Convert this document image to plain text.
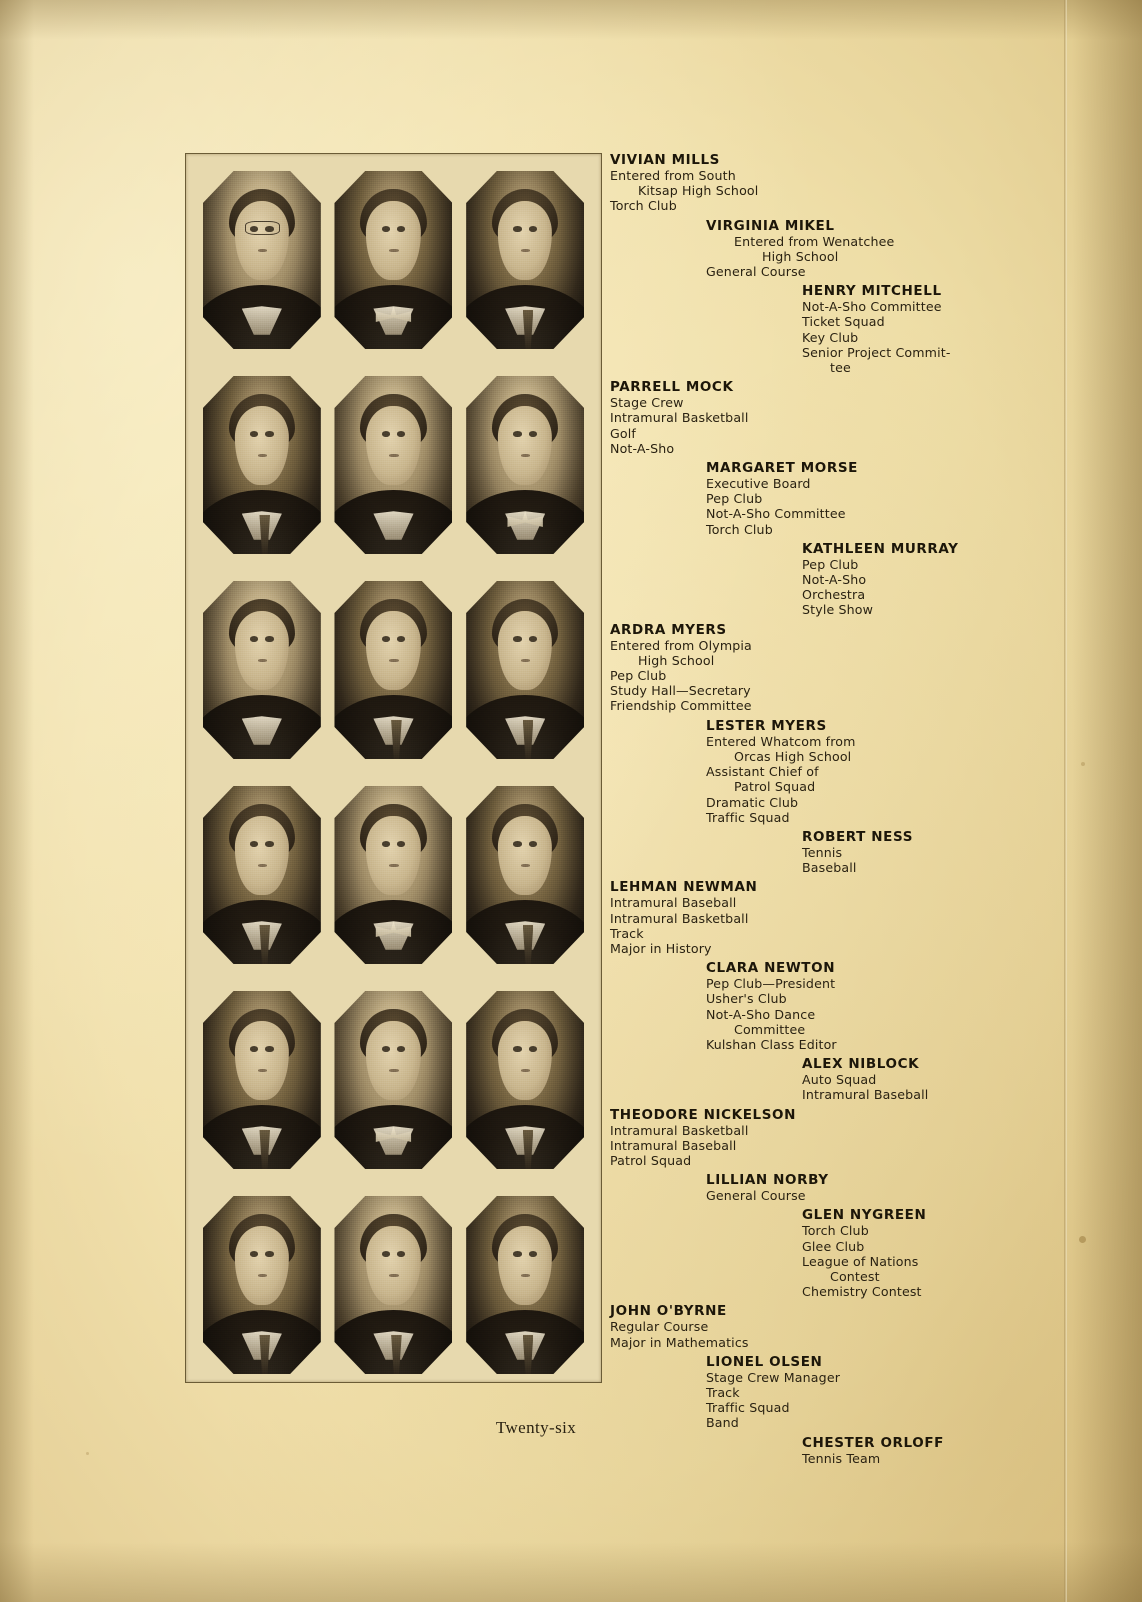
VIVIAN MILLS
Entered from South
Kitsap High School
Torch Club
VIRGINIA MIKEL
Entered from Wenatchee
High School
General Course
HENRY MITCHELL
Not-A-Sho Committee
Ticket Squad
Key Club
Senior Project Commit-
tee
PARRELL MOCK
Stage Crew
Intramural Basketball
Golf
Not-A-Sho
MARGARET MORSE
Executive Board
Pep Club
Not-A-Sho Committee
Torch Club
KATHLEEN MURRAY
Pep Club
Not-A-Sho
Orchestra
Style Show
ARDRA MYERS
Entered from Olympia
High School
Pep Club
Study Hall—Secretary
Friendship Committee
LESTER MYERS
Entered Whatcom from
Orcas High School
Assistant Chief of
Patrol Squad
Dramatic Club
Traffic Squad
ROBERT NESS
Tennis
Baseball
LEHMAN NEWMAN
Intramural Baseball
Intramural Basketball
Track
Major in History
CLARA NEWTON
Pep Club—President
Usher's Club
Not-A-Sho Dance
Committee
Kulshan Class Editor
ALEX NIBLOCK
Auto Squad
Intramural Baseball
THEODORE NICKELSON
Intramural Basketball
Intramural Baseball
Patrol Squad
LILLIAN NORBY
General Course
GLEN NYGREEN
Torch Club
Glee Club
League of Nations
Contest
Chemistry Contest
JOHN O'BYRNE
Regular Course
Major in Mathematics
LIONEL OLSEN
Stage Crew Manager
Track
Traffic Squad
Band
CHESTER ORLOFF
Tennis Team
Twenty-six
